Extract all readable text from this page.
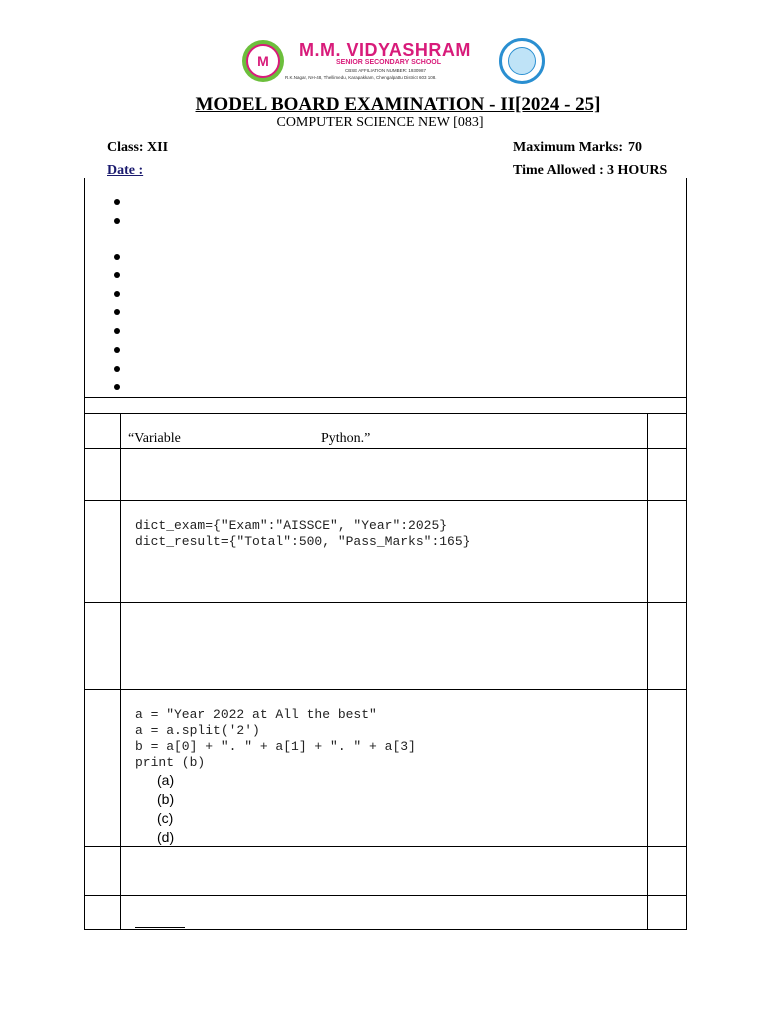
M
M.M. VIDYASHRAM
SENIOR SECONDARY SCHOOL
CBSE AFFILIATION NUMBER: 1930987
R.K.Nagar, NH-48, Thellimedu, Karapakkam, Chengalpattu District 603 108.
MODEL BOARD EXAMINATION - II[2024 - 25]
COMPUTER SCIENCE NEW [083]
Class: XII	Maximum Marks: 70
Date :	Time Allowed : 3 HOURS
“Variable	Python.”
dict_exam={"Exam":"AISSCE", "Year":2025}
dict_result={"Total":500, "Pass_Marks":165}
a = "Year 2022 at All the best"
a = a.split('2')
b = a[0] + ". " + a[1] + ". " + a[3]
print (b)
(a)
(b)
(c)
(d)
